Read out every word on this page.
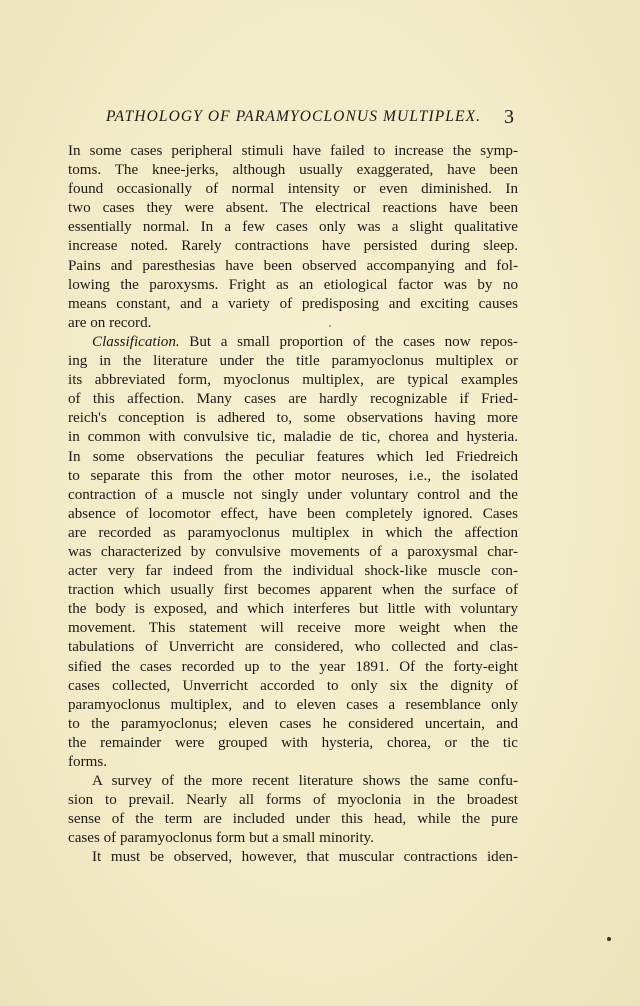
PATHOLOGY OF PARAMYOCLONUS MULTIPLEX. 3
In some cases peripheral stimuli have failed to increase the symp-
toms. The knee-jerks, although usually exaggerated, have been
found occasionally of normal intensity or even diminished. In
two cases they were absent. The electrical reactions have been
essentially normal. In a few cases only was a slight qualitative
increase noted. Rarely contractions have persisted during sleep.
Pains and paresthesias have been observed accompanying and fol-
lowing the paroxysms. Fright as an etiological factor was by no
means constant, and a variety of predisposing and exciting causes
are on record.
Classification. But a small proportion of the cases now repos-
ing in the literature under the title paramyoclonus multiplex or
its abbreviated form, myoclonus multiplex, are typical examples
of this affection. Many cases are hardly recognizable if Fried-
reich's conception is adhered to, some observations having more
in common with convulsive tic, maladie de tic, chorea and hysteria.
In some observations the peculiar features which led Friedreich
to separate this from the other motor neuroses, i.e., the isolated
contraction of a muscle not singly under voluntary control and the
absence of locomotor effect, have been completely ignored. Cases
are recorded as paramyoclonus multiplex in which the affection
was characterized by convulsive movements of a paroxysmal char-
acter very far indeed from the individual shock-like muscle con-
traction which usually first becomes apparent when the surface of
the body is exposed, and which interferes but little with voluntary
movement. This statement will receive more weight when the
tabulations of Unverricht are considered, who collected and clas-
sified the cases recorded up to the year 1891. Of the forty-eight
cases collected, Unverricht accorded to only six the dignity of
paramyoclonus multiplex, and to eleven cases a resemblance only
to the paramyoclonus; eleven cases he considered uncertain, and
the remainder were grouped with hysteria, chorea, or the tic
forms.
A survey of the more recent literature shows the same confu-
sion to prevail. Nearly all forms of myoclonia in the broadest
sense of the term are included under this head, while the pure
cases of paramyoclonus form but a small minority.
It must be observed, however, that muscular contractions iden-
